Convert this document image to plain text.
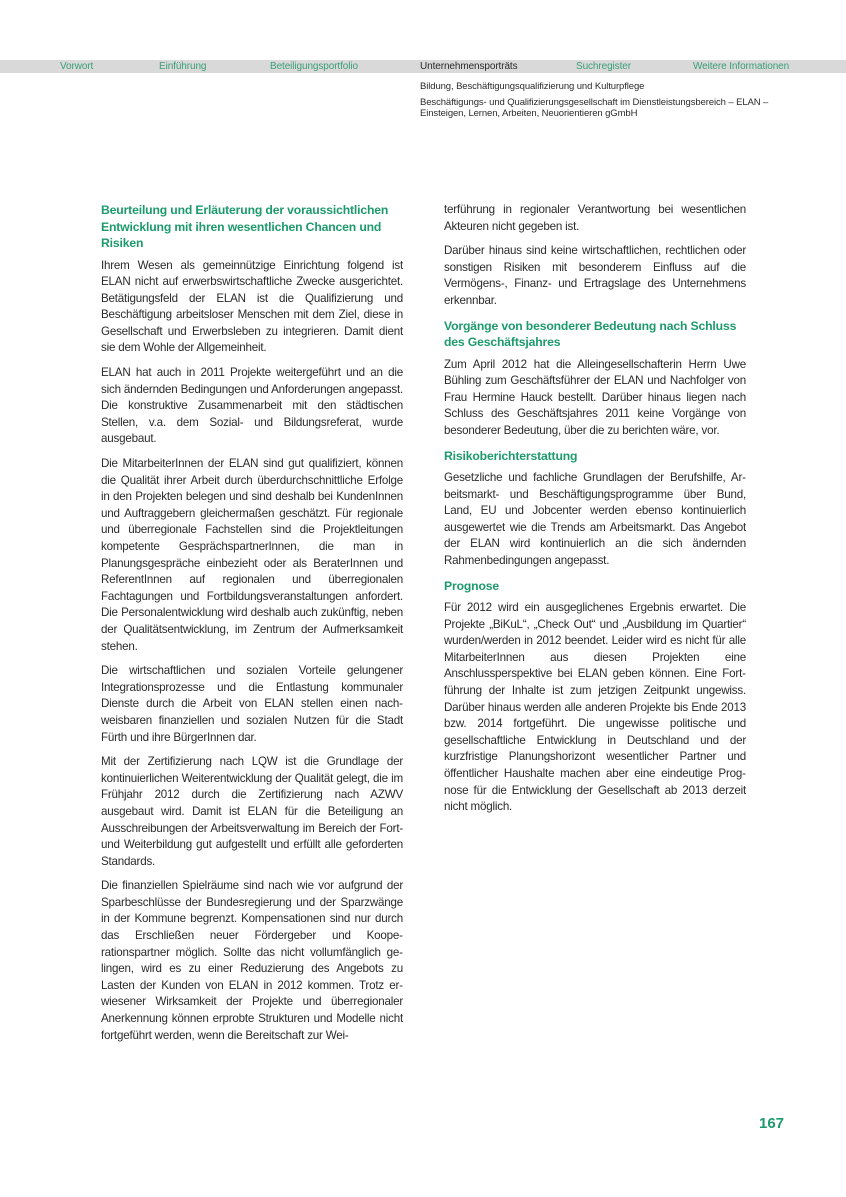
Vorwort	Einführung	Beteiligungsportfolio	Unternehmensporträts	Suchregister	Weitere Informationen
Bildung, Beschäftigungsqualifizierung und Kulturpflege
Beschäftigungs- und Qualifizierungsgesellschaft im Dienstleistungsbereich – ELAN –
Einsteigen, Lernen, Arbeiten, Neuorientieren gGmbH
Beurteilung und Erläuterung der voraussichtlichen Entwicklung mit ihren wesentlichen Chancen und Risiken

Ihrem Wesen als gemeinnützige Einrichtung folgend ist ELAN nicht auf erwerbswirtschaftliche Zwecke ausgerichtet. Betätigungsfeld der ELAN ist die Qualifizierung und Beschäftigung arbeitsloser Menschen mit dem Ziel, diese in Gesellschaft und Erwerbsleben zu integrieren. Damit dient sie dem Wohle der Allgemeinheit.

ELAN hat auch in 2011 Projekte weitergeführt und an die sich ändernden Bedingungen und Anforderungen angepasst. Die konstruktive Zusammenarbeit mit den städtischen Stellen, v.a. dem Sozial- und Bildungsreferat, wurde ausgebaut.

Die MitarbeiterInnen der ELAN sind gut qualifiziert, können die Qualität ihrer Arbeit durch überdurchschnittliche Erfolge in den Projekten belegen und sind deshalb bei KundenInnen und Auftraggebern gleichermaßen geschätzt. Für regionale und überregionale Fachstellen sind die Projektleitungen kompetente GesprächspartnerInnen, die man in Planungsgespräche einbezieht oder als BeraterInnen und ReferentInnen auf regionalen und überregionalen Fachtagungen und Fortbildungsveranstaltungen anfordert. Die Personalentwicklung wird deshalb auch zukünftig, neben der Qualitätsentwicklung, im Zentrum der Aufmerksamkeit stehen.

Die wirtschaftlichen und sozialen Vorteile gelungener Integrationsprozesse und die Entlastung kommunaler Dienste durch die Arbeit von ELAN stellen einen nachweisbaren finanziellen und sozialen Nutzen für die Stadt Fürth und ihre BürgerInnen dar.

Mit der Zertifizierung nach LQW ist die Grundlage der kontinuierlichen Weiterentwicklung der Qualität gelegt, die im Frühjahr 2012 durch die Zertifizierung nach AZWV ausgebaut wird. Damit ist ELAN für die Beteiligung an Ausschreibungen der Arbeitsverwaltung im Bereich der Fort- und Weiterbildung gut aufgestellt und erfüllt alle geforderten Standards.

Die finanziellen Spielräume sind nach wie vor aufgrund der Sparbeschlüsse der Bundesregierung und der Sparzwänge in der Kommune begrenzt. Kompensationen sind nur durch das Erschließen neuer Fördergeber und Kooperationspartner möglich. Sollte das nicht vollumfänglich gelingen, wird es zu einer Reduzierung des Angebots zu Lasten der Kunden von ELAN in 2012 kommen. Trotz erwiesener Wirksamkeit der Projekte und überregionaler Anerkennung können erprobte Strukturen und Modelle nicht fortgeführt werden, wenn die Bereitschaft zur Wei-

terführung in regionaler Verantwortung bei wesentlichen Akteuren nicht gegeben ist.

Darüber hinaus sind keine wirtschaftlichen, rechtlichen oder sonstigen Risiken mit besonderem Einfluss auf die Vermögens-, Finanz- und Ertragslage des Unternehmens erkennbar.

Vorgänge von besonderer Bedeutung nach Schluss des Geschäftsjahres

Zum April 2012 hat die Alleingesellschafterin Herrn Uwe Bühling zum Geschäftsführer der ELAN und Nachfolger von Frau Hermine Hauck bestellt. Darüber hinaus liegen nach Schluss des Geschäftsjahres 2011 keine Vorgänge von besonderer Bedeutung, über die zu berichten wäre, vor.

Risikoberichterstattung

Gesetzliche und fachliche Grundlagen der Berufshilfe, Arbeitsmarkt- und Beschäftigungsprogramme über Bund, Land, EU und Jobcenter werden ebenso kontinuierlich ausgewertet wie die Trends am Arbeitsmarkt. Das Angebot der ELAN wird kontinuierlich an die sich ändernden Rahmenbedingungen angepasst.

Prognose

Für 2012 wird ein ausgeglichenes Ergebnis erwartet. Die Projekte „BiKuL“, „Check Out“ und „Ausbildung im Quartier“ wurden/werden in 2012 beendet. Leider wird es nicht für alle MitarbeiterInnen aus diesen Projekten eine Anschlussperspektive bei ELAN geben können. Eine Fortführung der Inhalte ist zum jetzigen Zeitpunkt ungewiss. Darüber hinaus werden alle anderen Projekte bis Ende 2013 bzw. 2014 fortgeführt. Die ungewisse politische und gesellschaftliche Entwicklung in Deutschland und der kurzfristige Planungshorizont wesentlicher Partner und öffentlicher Haushalte machen aber eine eindeutige Prognose für die Entwicklung der Gesellschaft ab 2013 derzeit nicht möglich.

167
